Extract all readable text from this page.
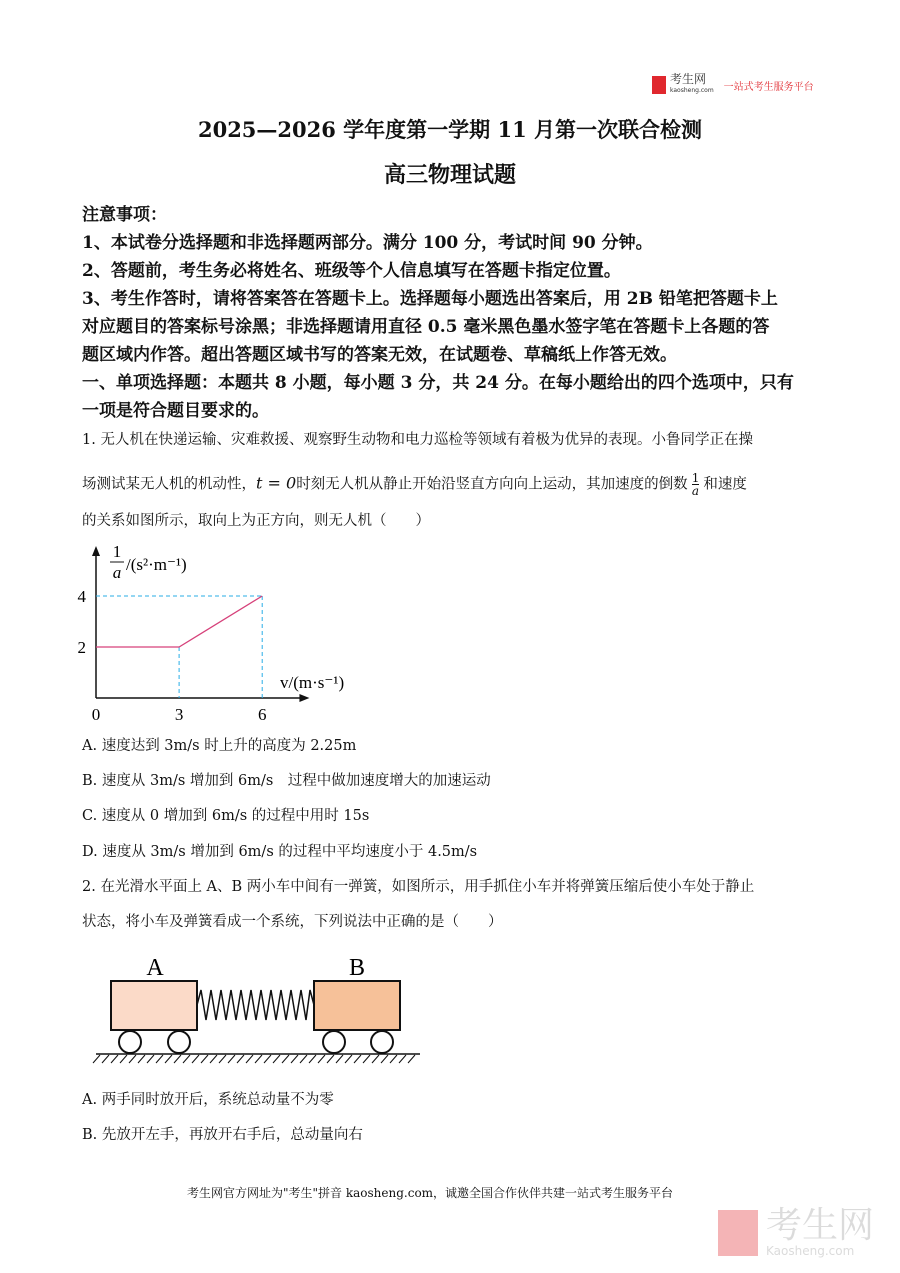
考生网
kaosheng.com 一站式考生服务平台
2025—2026 学年度第一学期 11 月第一次联合检测
高三物理试题
注意事项：
1、本试卷分选择题和非选择题两部分。满分 100 分，考试时间 90 分钟。
2、答题前，考生务必将姓名、班级等个人信息填写在答题卡指定位置。
3、考生作答时，请将答案答在答题卡上。选择题每小题选出答案后，用 2B 铅笔把答题卡上
对应题目的答案标号涂黑；非选择题请用直径 0.5 毫米黑色墨水签字笔在答题卡上各题的答
题区域内作答。超出答题区域书写的答案无效，在试题卷、草稿纸上作答无效。
一、单项选择题：本题共 8 小题，每小题 3 分，共 24 分。在每小题给出的四个选项中，只有
一项是符合题目要求的。
1. 无人机在快递运输、灾难救援、观察野生动物和电力巡检等领域有着极为优异的表现。小鲁同学正在操
场测试某无人机的机动性，t = 0时刻无人机从静止开始沿竖直方向向上运动，其加速度的倒数 $\frac{1}{a}$ 和速度
的关系如图所示，取向上为正方向，则无人机（　　）
0	3	6
2
4
1
a /(s²·m⁻¹)
v/(m·s⁻¹)
A. 速度达到 3m/s 时上升的高度为 2.25m
B. 速度从 3m/s 增加到 6m/s　过程中做加速度增大的加速运动
C. 速度从 0 增加到 6m/s 的过程中用时 15s
D. 速度从 3m/s 增加到 6m/s 的过程中平均速度小于 4.5m/s
2. 在光滑水平面上 A、B 两小车中间有一弹簧，如图所示，用手抓住小车并将弹簧压缩后使小车处于静止
状态，将小车及弹簧看成一个系统，下列说法中正确的是（　　）
A	B
A. 两手同时放开后，系统总动量不为零
B. 先放开左手，再放开右手后，总动量向右
考生网官方网址为"考生"拼音 kaosheng.com，诚邀全国合作伙伴共建一站式考生服务平台
考生网
Kaosheng.com
